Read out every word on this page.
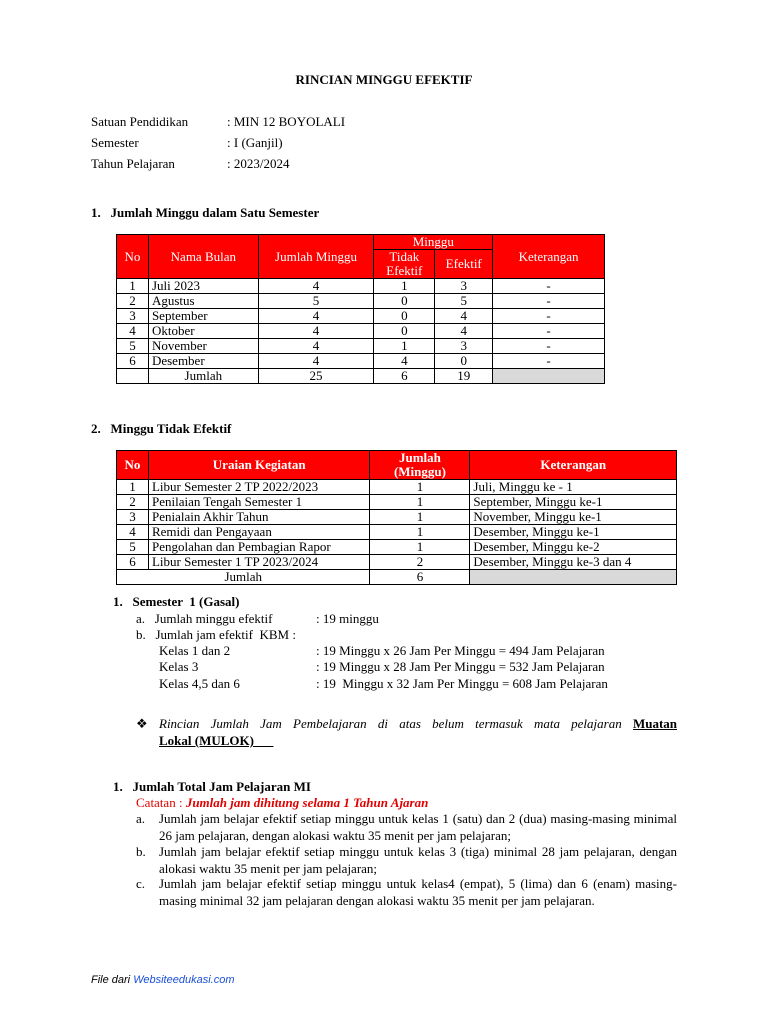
RINCIAN MINGGU EFEKTIF
Satuan Pendidikan	: MIN 12 BOYOLALI
Semester	: I (Ganjil)
Tahun Pelajaran	: 2023/2024
1.   Jumlah Minggu dalam Satu Semester
No	Nama Bulan	Jumlah Minggu	Minggu		Keterangan
			Tidak Efektif	Efektif	
1	Juli 2023	4	1	3	-
2	Agustus	5	0	5	-
3	September	4	0	4	-
4	Oktober	4	0	4	-
5	November	4	1	3	-
6	Desember	4	4	0	-
	Jumlah	25	6	19	
2.   Minggu Tidak Efektif
No	Uraian Kegiatan	Jumlah (Minggu)	Keterangan
1	Libur Semester 2 TP 2022/2023	1	Juli, Minggu ke - 1
2	Penilaian Tengah Semester 1	1	September, Minggu ke-1
3	Penialain Akhir Tahun	1	November, Minggu ke-1
4	Remidi dan Pengayaan	1	Desember, Minggu ke-1
5	Pengolahan dan Pembagian Rapor	1	Desember, Minggu ke-2
6	Libur Semester 1 TP 2023/2024	2	Desember, Minggu ke-3 dan 4
Jumlah		6	
1.   Semester  1 (Gasal)
a.   Jumlah minggu efektif	: 19 minggu
b.   Jumlah jam efektif  KBM :
Kelas 1 dan 2	: 19 Minggu x 26 Jam Per Minggu = 494 Jam Pelajaran
Kelas 3	: 19 Minggu x 28 Jam Per Minggu = 532 Jam Pelajaran
Kelas 4,5 dan 6	: 19  Minggu x 32 Jam Per Minggu = 608 Jam Pelajaran
❖ Rincian Jumlah Jam Pembelajaran di atas belum termasuk mata pelajaran Muatan
Lokal (MULOK)
1.   Jumlah Total Jam Pelajaran MI
Catatan : Jumlah jam dihitung selama 1 Tahun Ajaran
a. Jumlah jam belajar efektif setiap minggu untuk kelas 1 (satu) dan 2 (dua) masing-masing minimal 26 jam pelajaran, dengan alokasi waktu 35 menit per jam pelajaran;
b. Jumlah jam belajar efektif setiap minggu untuk kelas 3 (tiga) minimal 28 jam pelajaran, dengan alokasi waktu 35 menit per jam pelajaran;
c. Jumlah jam belajar efektif setiap minggu untuk kelas4 (empat), 5 (lima) dan 6 (enam) masing-masing minimal 32 jam pelajaran dengan alokasi waktu 35 menit per jam pelajaran.
File dari Websiteedukasi.com
